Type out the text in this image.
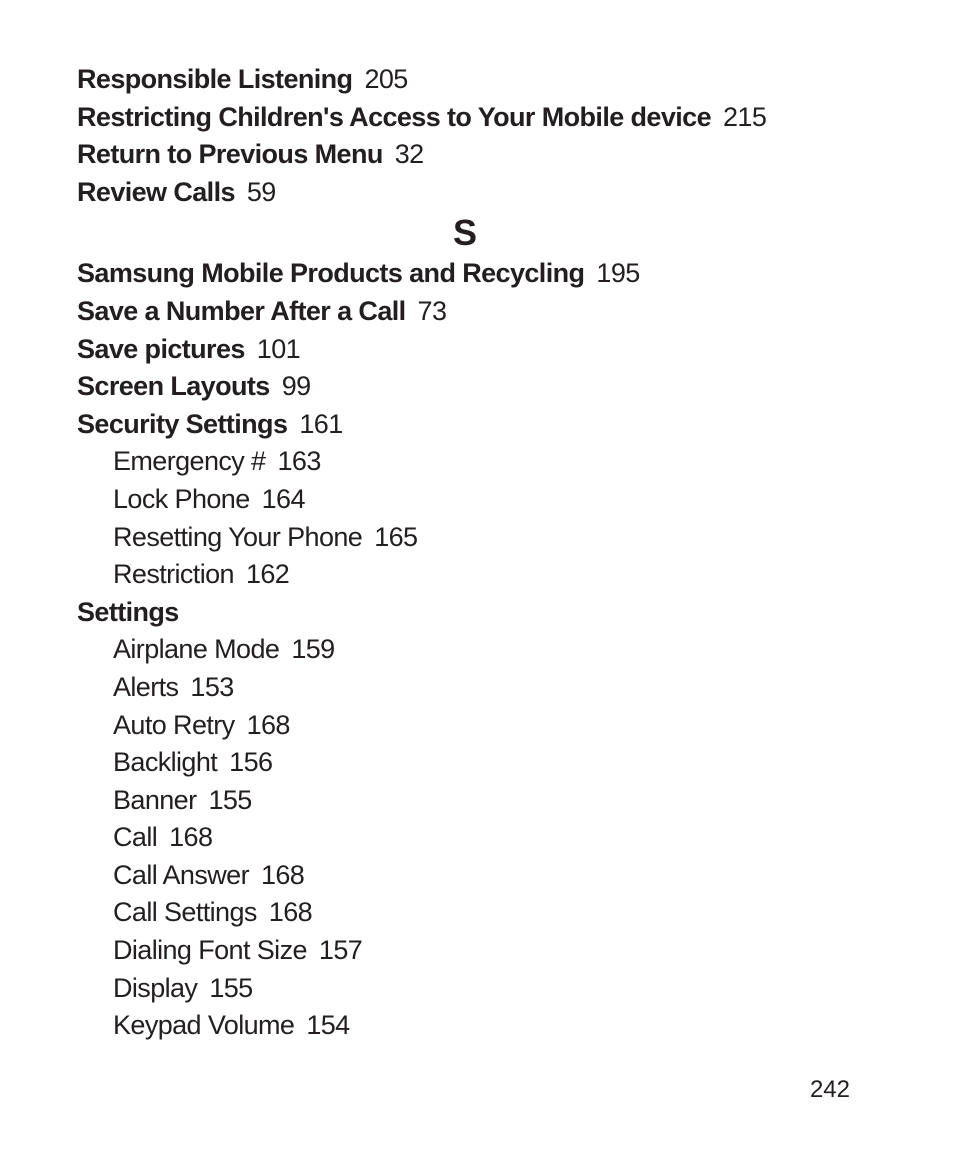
Responsible Listening 205
Restricting Children's Access to Your Mobile device 215
Return to Previous Menu 32
Review Calls 59
S
Samsung Mobile Products and Recycling 195
Save a Number After a Call 73
Save pictures 101
Screen Layouts 99
Security Settings 161
Emergency # 163
Lock Phone 164
Resetting Your Phone 165
Restriction 162
Settings
Airplane Mode 159
Alerts 153
Auto Retry 168
Backlight 156
Banner 155
Call 168
Call Answer 168
Call Settings 168
Dialing Font Size 157
Display 155
Keypad Volume 154
242
